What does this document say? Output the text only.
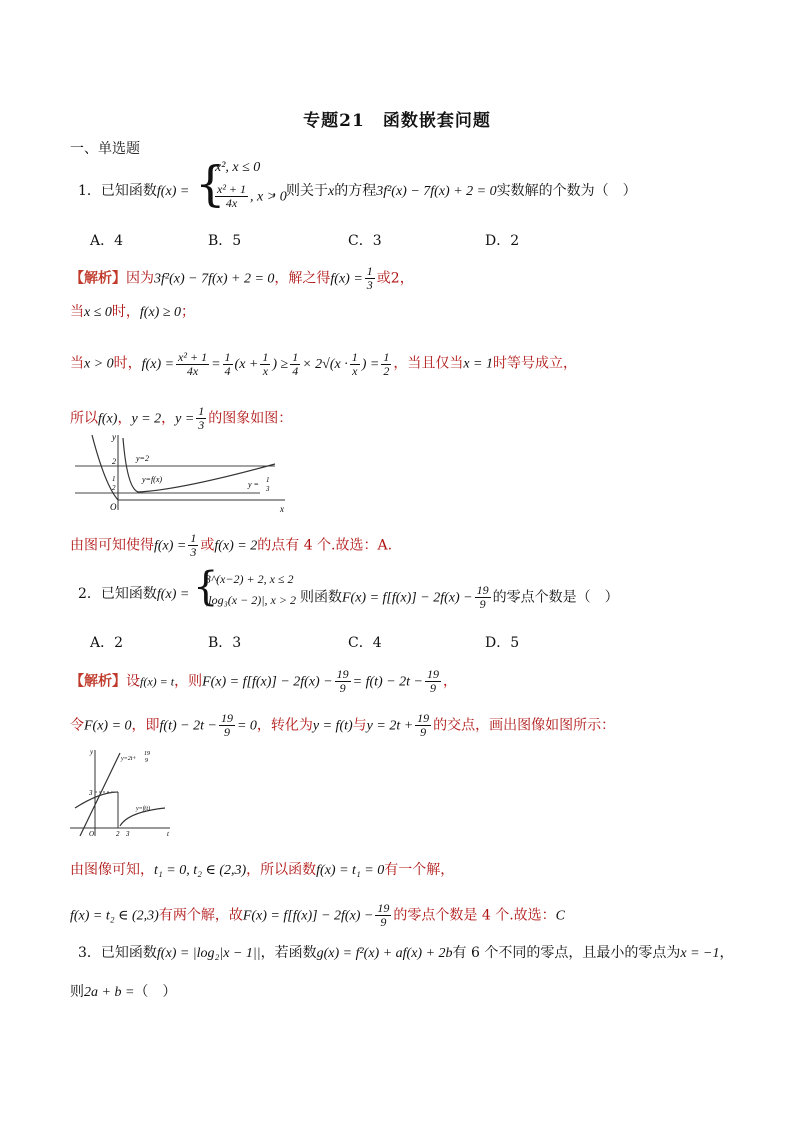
专题21　函数嵌套问题
一、单选题
1．已知函数f(x) = {
x², x ≤ 0
$\frac{\text{x² + 1}}{4x}$ , x > 0
，则关于x的方程3f²(x) − 7f(x) + 2 = 0实数解的个数为（　）
A．4	B．5	C．3	D．2
【解析】因为3f²(x) − 7f(x) + 2 = 0，解之得$f(x) = \frac{1}{3}$ 或2，
当x ≤ 0时，f(x) ≥ 0；
当x > 0时，$f(x) = \frac{\text{x² + 1}}{4x} = \frac{1}{4} (x + \frac{1}{x}$ ) ≥ $\frac{1}{4} \times 2√(x \cdot \frac{1}{x}$ ) = $\frac{1}{2}$ ，当且仅当x = 1时等号成立，
所以f(x)，y = 2，$y = \frac{1}{3}$ 的图象如图：
y
x
O
2	y=2
y=f(x)
1
2	y = 1
3
由图可知使得$f(x) = \frac{1}{3}$ 或f(x) = 2的点有 4 个.故选：A.
2．已知函数f(x) = {
3^(x−2) + 2, x ≤ 2
|log₃(x − 2)|, x > 2 则函数$F(x) = f[f(x)] - 2f(x) - \frac{19}{9}$ 的零点个数是（　）
A．2	B．3	C．4	D．5
【解析】设f(x) = t，则$F(x) = f[f(x)] - 2f(x) - \frac{19}{9} = f(t) - 2t - \frac{19}{9}$ ，
令F(x) = 0，即$f(t) - 2t - \frac{19}{9} = 0$，转化为y = f(t)与$y = 2t + \frac{19}{9}$ 的交点，画出图像如图所示：
y
t
O
3
2 3
y=2t+
19
9
y=f(t)
由图像可知，t₁ = 0, t₂ ∈ (2,3)，所以函数f(x) = t₁ = 0有一个解，
f(x) = t₂ ∈ (2,3)有两个解，故$F(x) = f[f(x)] - 2f(x) - \frac{19}{9}$ 的零点个数是 4 个.故选：C
3．已知函数f(x) = |log₂|x − 1||，若函数g(x) = f²(x) + af(x) + 2b有 6 个不同的零点，且最小的零点为x = −1，
则2a + b =（　）
